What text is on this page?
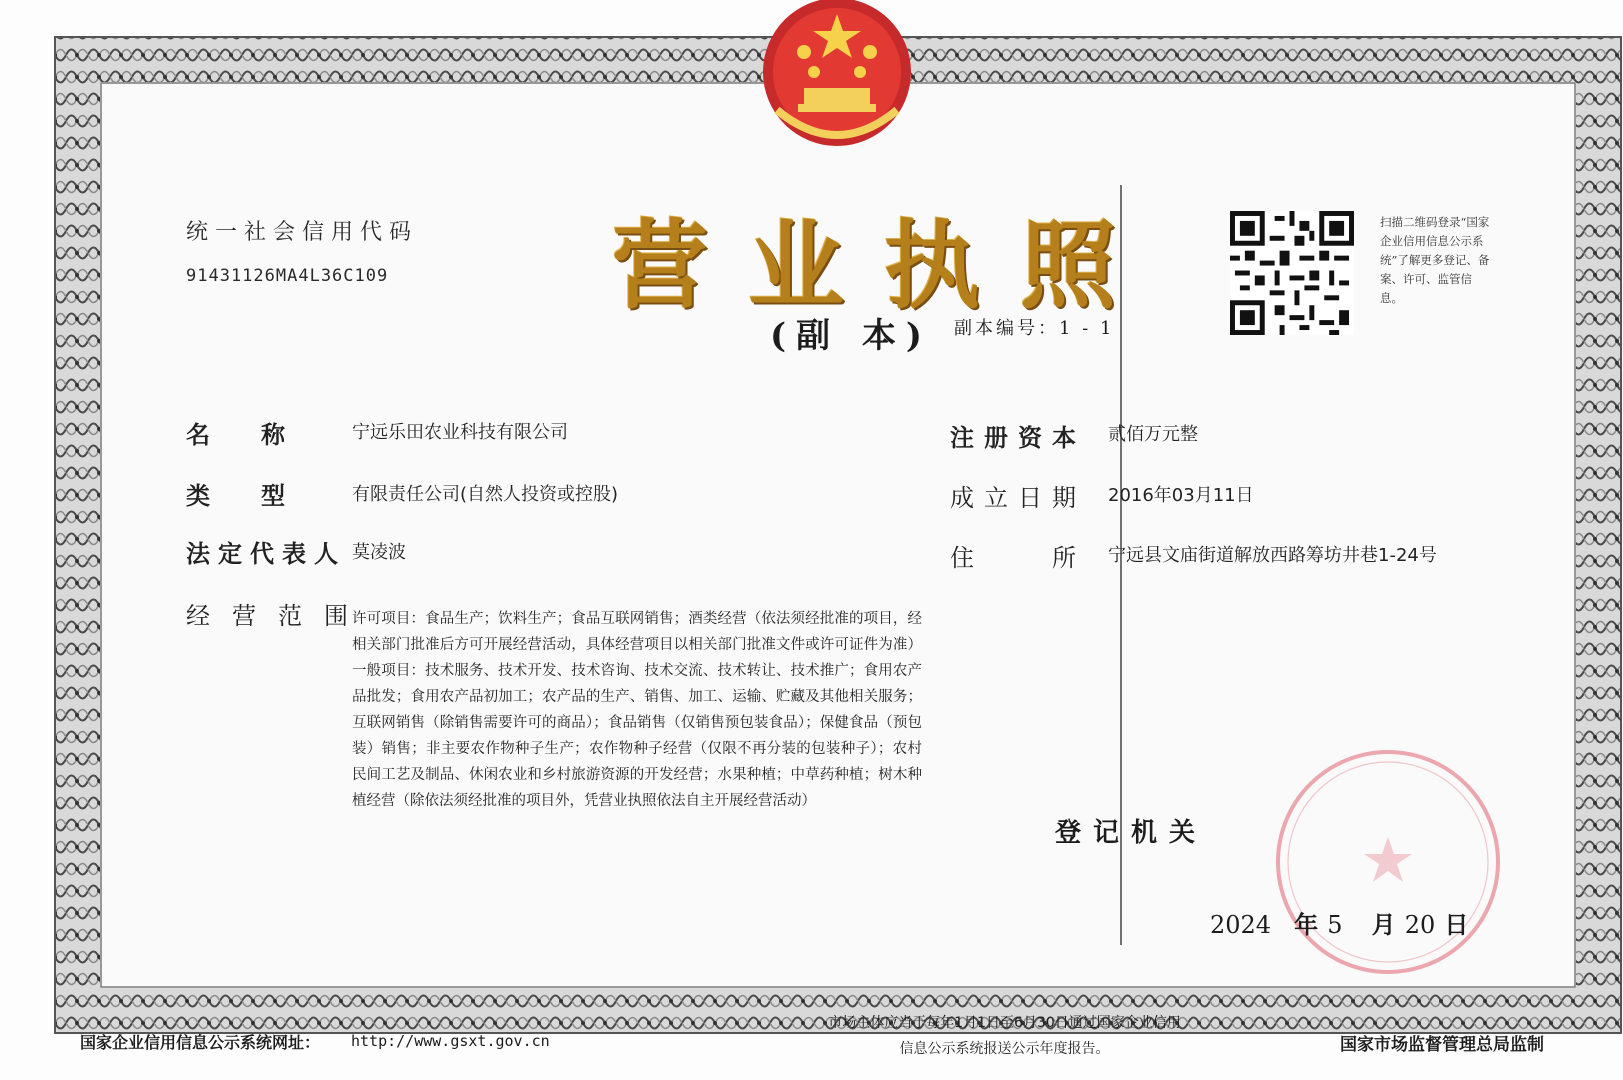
统一社会信用代码
91431126MA4L36C109 营业执照
(副 本) 副本编号：1 - 1
扫描二维码登录“国家企业信用信息公示系统”了解更多登记、备案、许可、监管信息。
名　　称	宁远乐田农业科技有限公司
类　　型	有限责任公司(自然人投资或控股)
法定代表人 莫凌波
经营范围
许可项目：食品生产；饮料生产；食品互联网销售；酒类经营（依法须经批准的项目，经相关部门批准后方可开展经营活动，具体经营项目以相关部门批准文件或许可证件为准）一般项目：技术服务、技术开发、技术咨询、技术交流、技术转让、技术推广；食用农产品批发；食用农产品初加工；农产品的生产、销售、加工、运输、贮藏及其他相关服务；互联网销售（除销售需要许可的商品）；食品销售（仅销售预包装食品）；保健食品（预包装）销售；非主要农作物种子生产；农作物种子经营（仅限不再分装的包装种子）；农村民间工艺及制品、休闲农业和乡村旅游资源的开发经营；水果种植；中草药种植；树木种植经营（除依法须经批准的项目外，凭营业执照依法自主开展经营活动）
注册资本 贰佰万元整
成立日期 2016年03月11日
住　　所 宁远县文庙街道解放西路筹坊井巷1-24号
登记机关
2024 年 5 月 20 日
国家企业信用信息公示系统网址： http://www.gsxt.gov.cn
市场主体应当于每年1月1日至6月30日通过国家企业信用信息公示系统报送公示年度报告。	国家市场监督管理总局监制
